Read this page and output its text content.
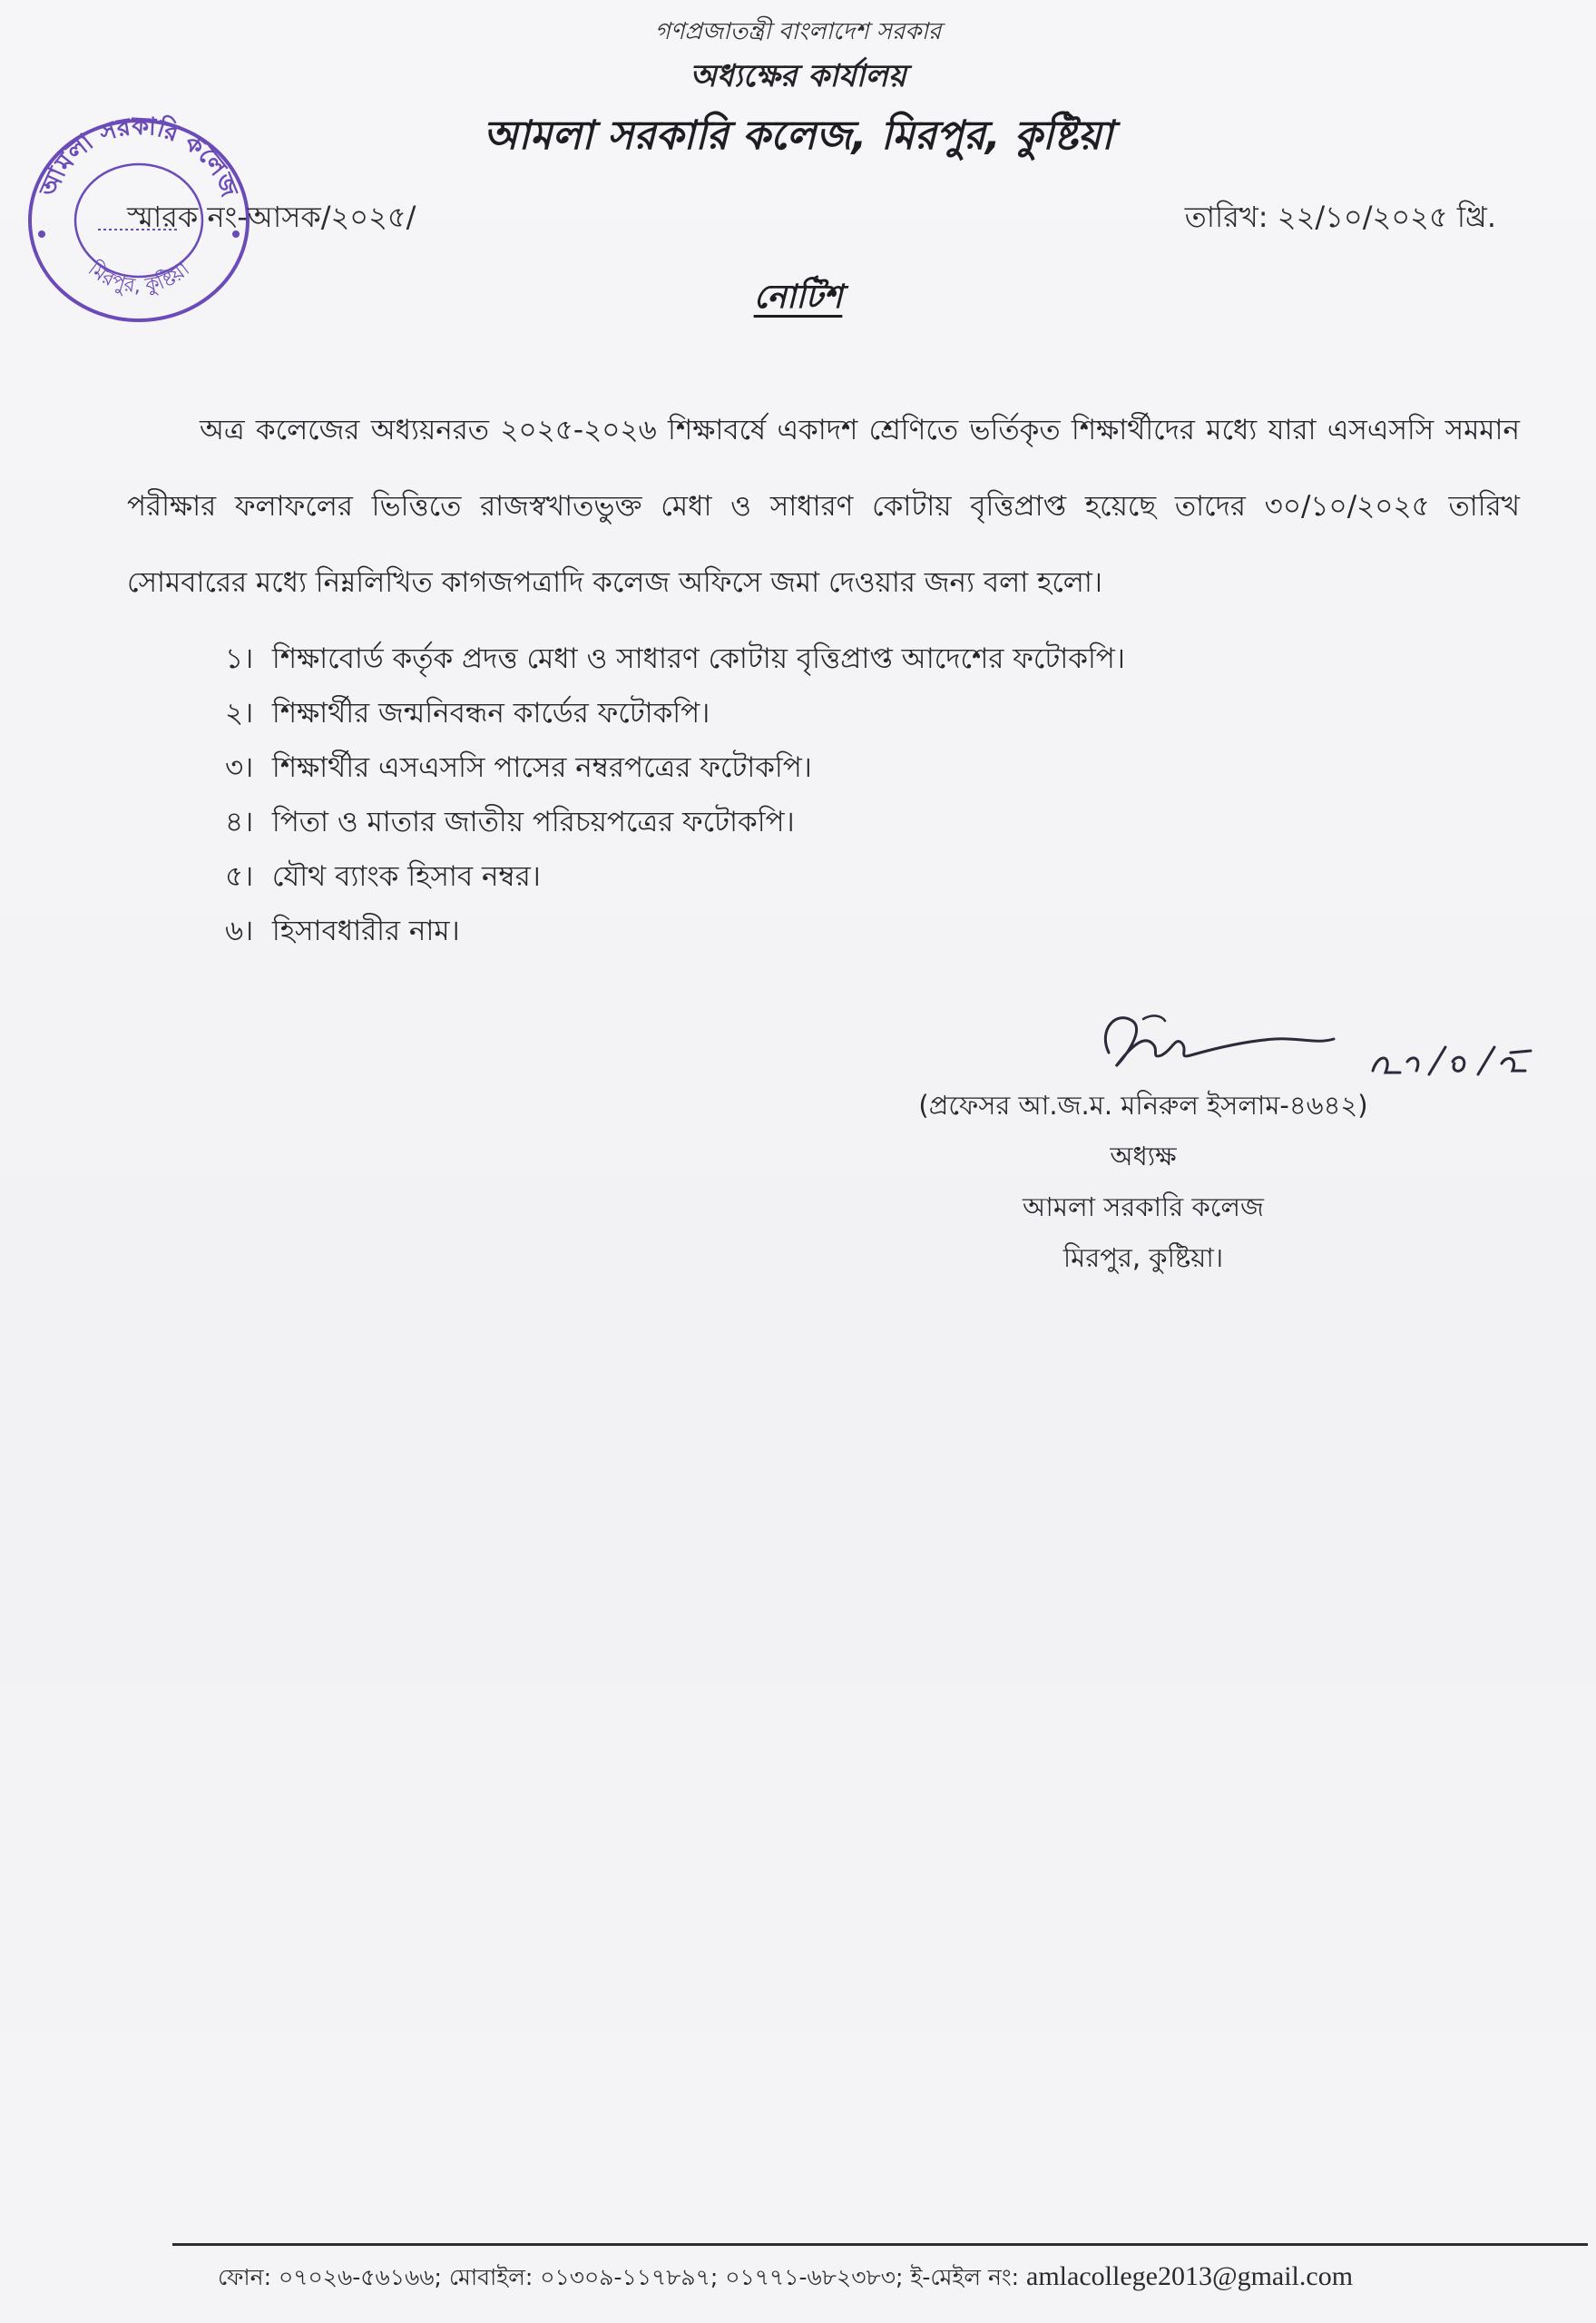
আমলা সরকারি কলেজ
মিরপুর, কুষ্টিয়া
গণপ্রজাতন্ত্রী বাংলাদেশ সরকার
অধ্যক্ষের কার্যালয়
আমলা সরকারি কলেজ, মিরপুর, কুষ্টিয়া
স্মারক নং-আসক/২০২৫/	তারিখ: ২২/১০/২০২৫ খ্রি.
নোটিশ
অত্র কলেজের অধ্যয়নরত ২০২৫-২০২৬ শিক্ষাবর্ষে একাদশ শ্রেণিতে ভর্তিকৃত শিক্ষার্থীদের মধ্যে যারা এসএসসি সমমান পরীক্ষার ফলাফলের ভিত্তিতে রাজস্বখাতভুক্ত মেধা ও সাধারণ কোটায় বৃত্তিপ্রাপ্ত হয়েছে তাদের ৩০/১০/২০২৫ তারিখ সোমবারের মধ্যে নিম্নলিখিত কাগজপত্রাদি কলেজ অফিসে জমা দেওয়ার জন্য বলা হলো।
১। শিক্ষাবোর্ড কর্তৃক প্রদত্ত মেধা ও সাধারণ কোটায় বৃত্তিপ্রাপ্ত আদেশের ফটোকপি।
২। শিক্ষার্থীর জন্মনিবন্ধন কার্ডের ফটোকপি।
৩। শিক্ষার্থীর এসএসসি পাসের নম্বরপত্রের ফটোকপি।
৪। পিতা ও মাতার জাতীয় পরিচয়পত্রের ফটোকপি।
৫। যৌথ ব্যাংক হিসাব নম্বর।
৬। হিসাবধারীর নাম।
(প্রফেসর আ.জ.ম. মনিরুল ইসলাম-৪৬৪২)
অধ্যক্ষ
আমলা সরকারি কলেজ
মিরপুর, কুষ্টিয়া।
ফোন: ০৭০২৬-৫৬১৬৬; মোবাইল: ০১৩০৯-১১৭৮৯৭; ০১৭৭১-৬৮২৩৮৩; ই-মেইল নং: amlacollege2013@gmail.com
